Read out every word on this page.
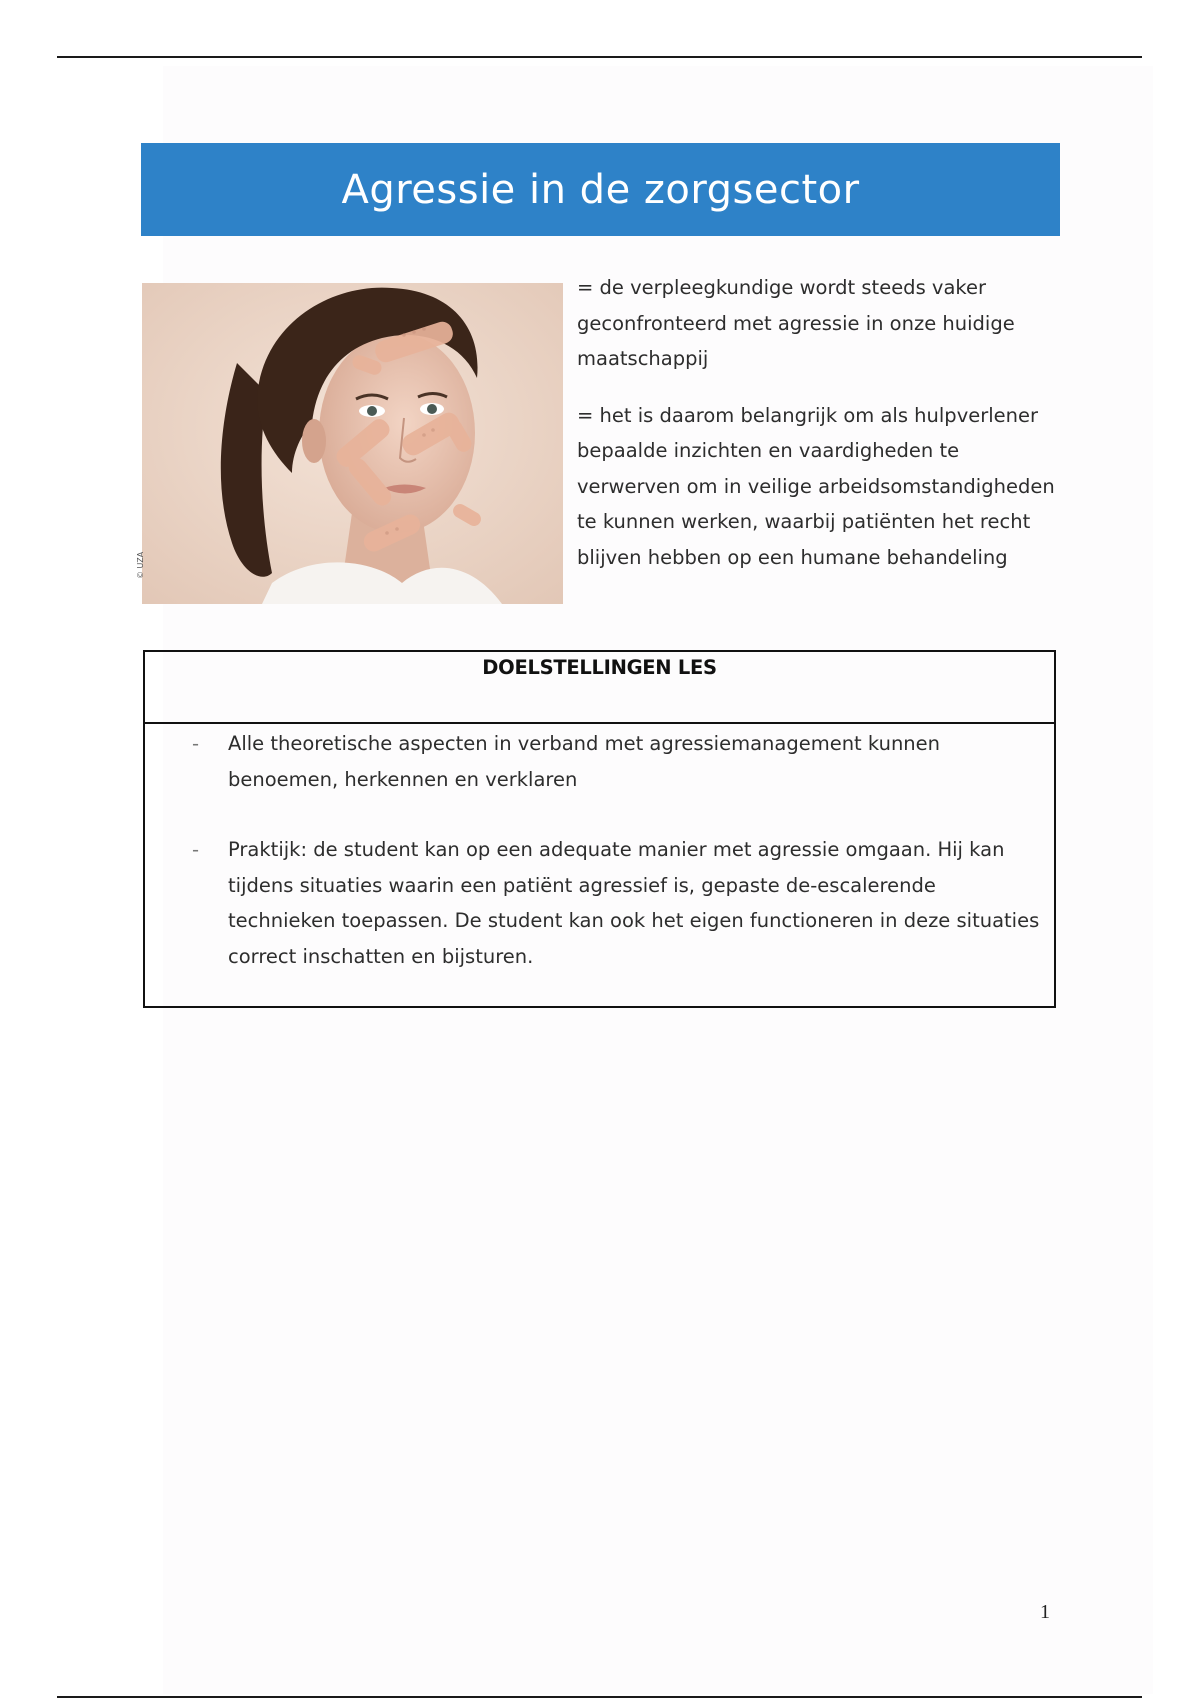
Agressie in de zorgsector
© UZA

= de verpleegkundige wordt steeds vaker geconfronteerd met agressie in onze huidige maatschappij

= het is daarom belangrijk om als hulpverlener bepaalde inzichten en vaardigheden te verwerven om in veilige arbeidsomstandigheden te kunnen werken, waarbij patiënten het recht blijven hebben op een humane behandeling

DOELSTELLINGEN LES
- Alle theoretische aspecten in verband met agressiemanagement kunnen benoemen, herkennen en verklaren
- Praktijk: de student kan op een adequate manier met agressie omgaan. Hij kan tijdens situaties waarin een patiënt agressief is, gepaste de-escalerende technieken toepassen. De student kan ook het eigen functioneren in deze situaties correct inschatten en bijsturen.
1
